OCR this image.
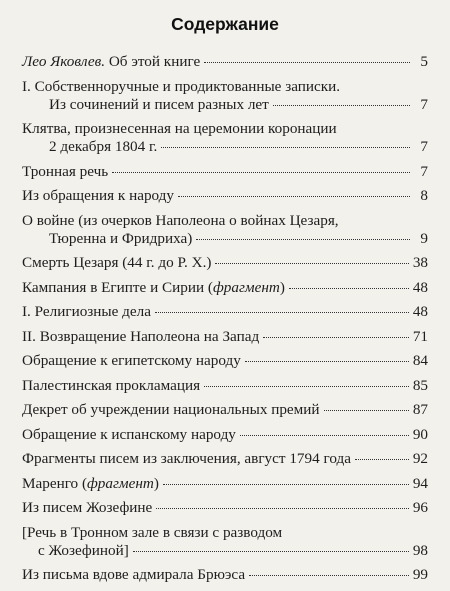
Содержание
Лео Яковлев. Об этой книге	5
I. Собственноручные и продиктованные записки.
Из сочинений и писем разных лет	7
Клятва, произнесенная на церемонии коронации
2 декабря 1804 г.	7
Тронная речь	7
Из обращения к народу	8
О войне (из очерков Наполеона о войнах Цезаря,
Тюренна и Фридриха)	9
Смерть Цезаря (44 г. до Р. Х.)	38
Кампания в Египте и Сирии (фрагмент)	48
I. Религиозные дела	48
II. Возвращение Наполеона на Запад	71
Обращение к египетскому народу	84
Палестинская прокламация	85
Декрет об учреждении национальных премий	87
Обращение к испанскому народу	90
Фрагменты писем из заключения, август 1794 года	92
Маренго (фрагмент)	94
Из писем Жозефине	96
[Речь в Тронном зале в связи с разводом
с Жозефиной]	98
Из письма вдове адмирала Брюэса	99
